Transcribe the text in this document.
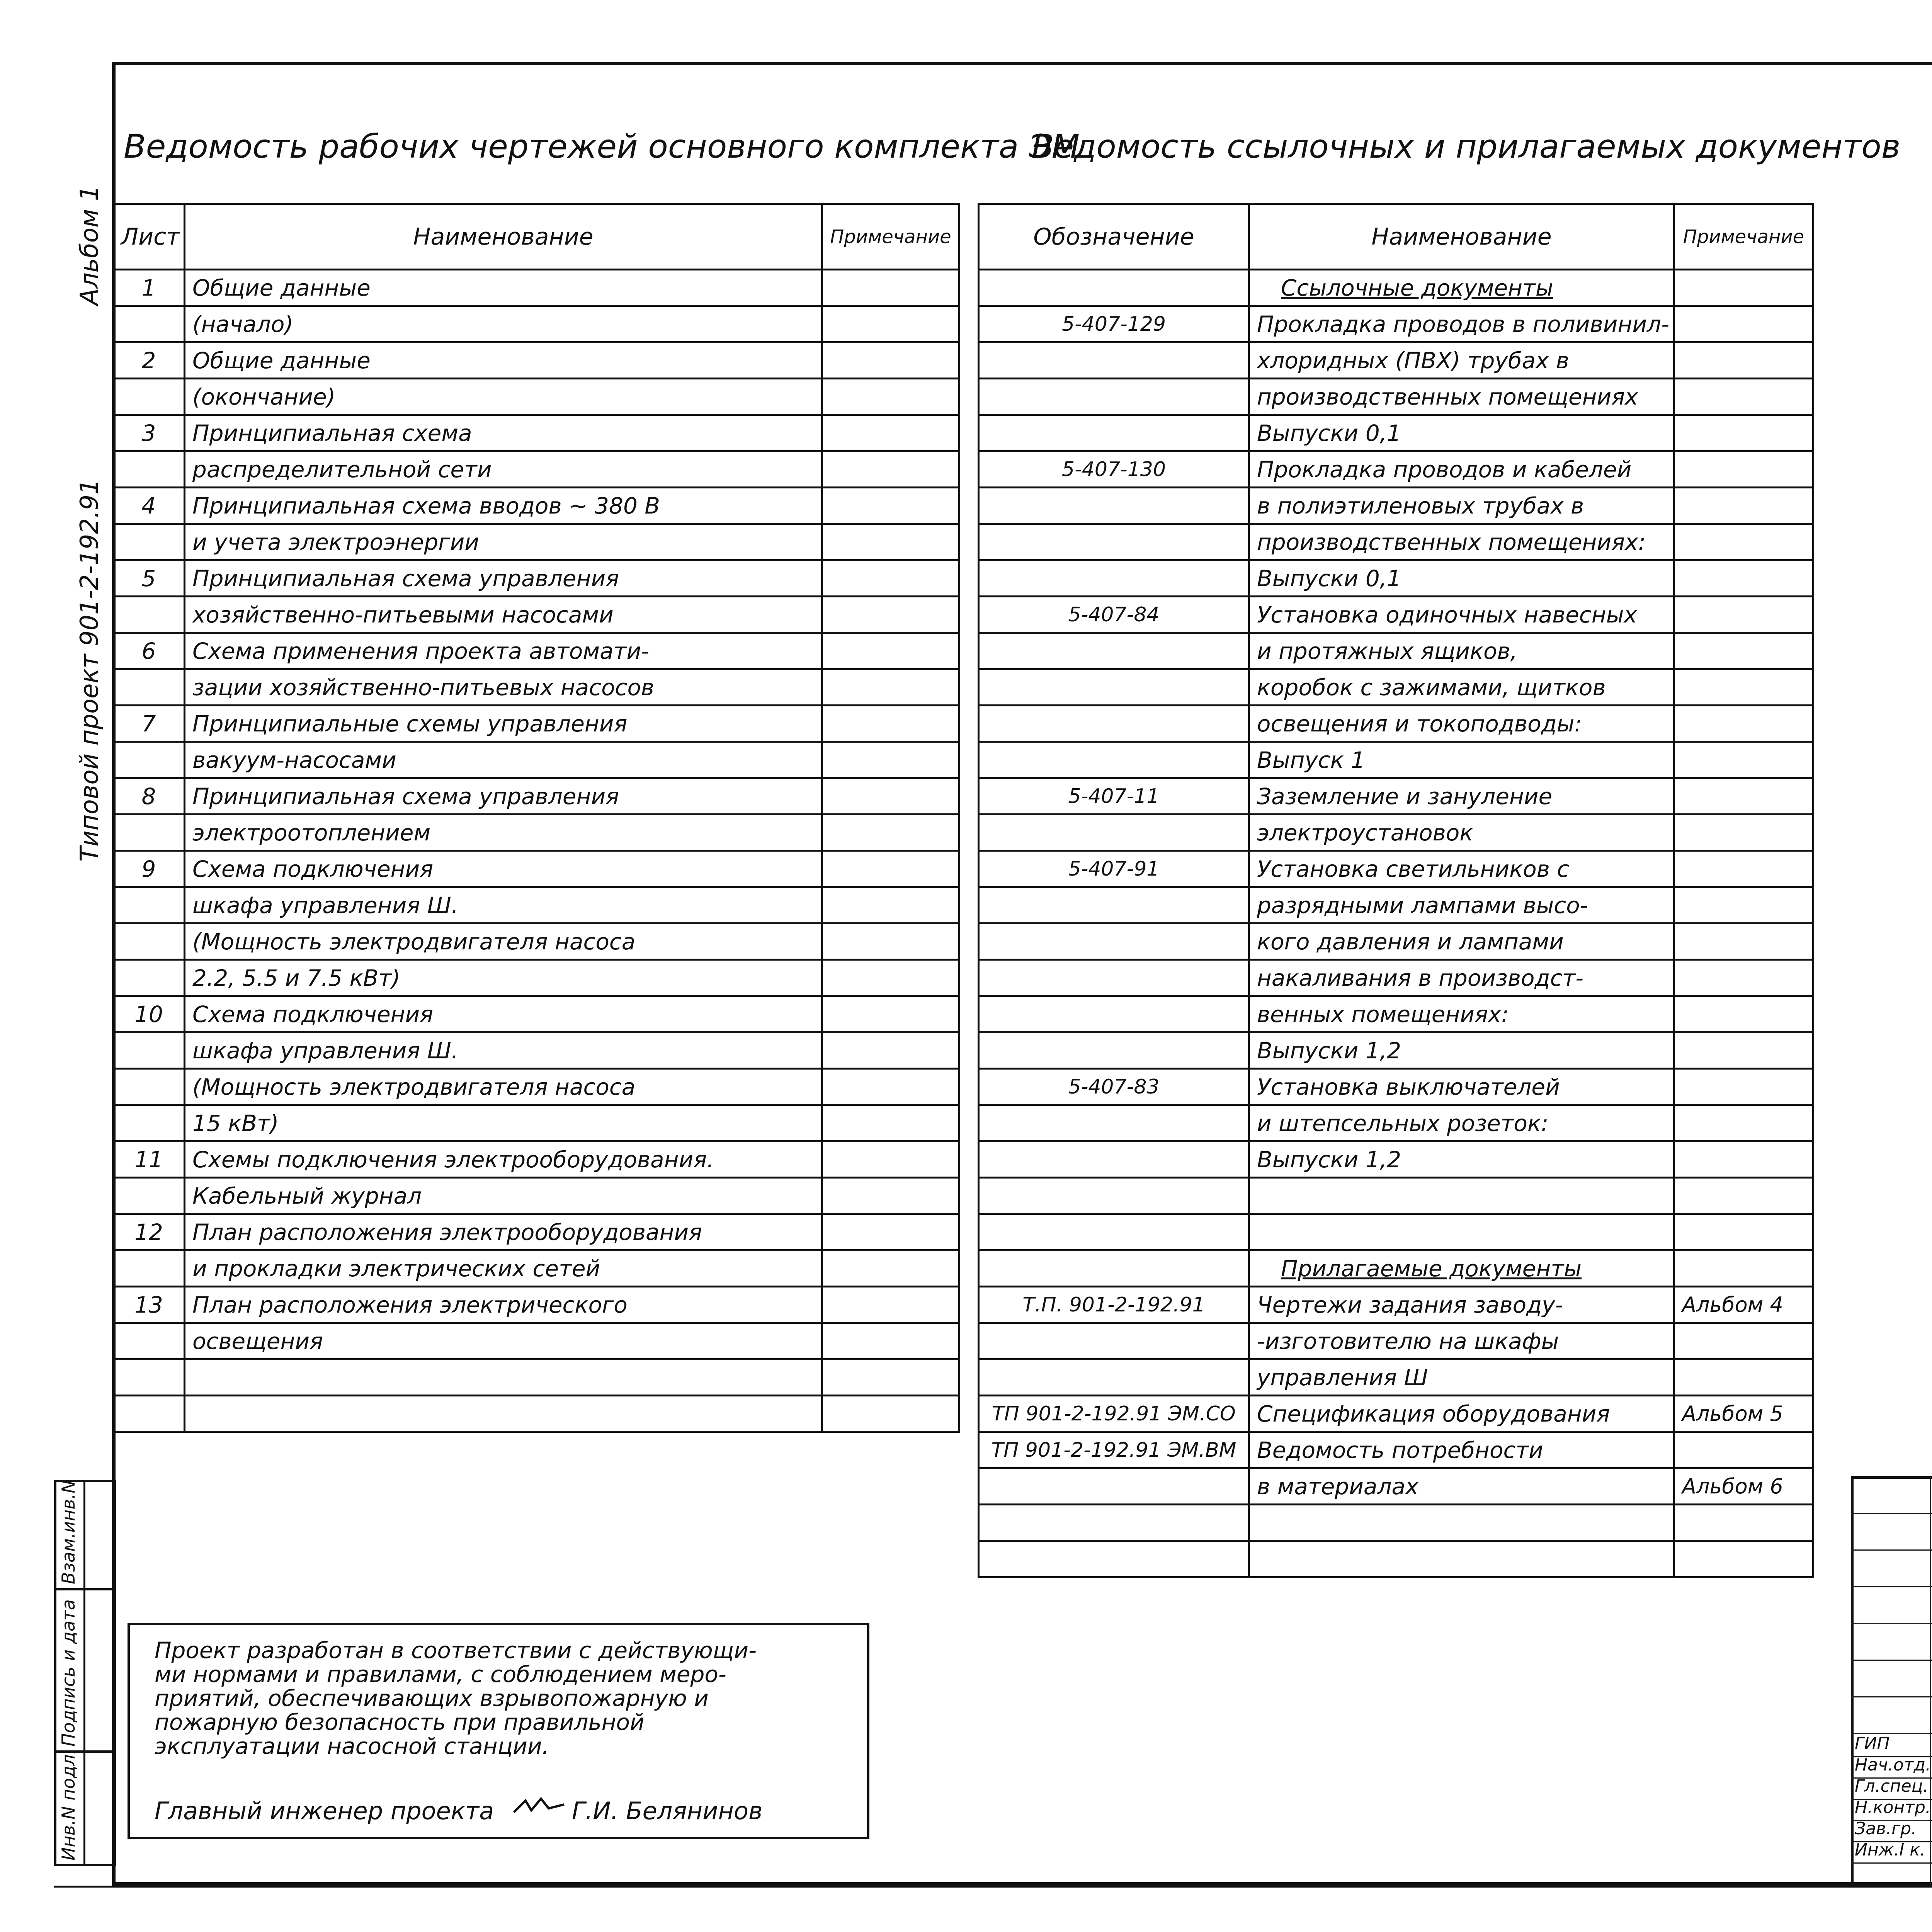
Альбом 1
Типовой проект 901-2-192.91
Взам.инв.N
Подпись и дата
Инв.N подл.
Ведомость рабочих чертежей основного комплекта ЭМ
Ведомость ссылочных и прилагаемых документов
Лист	Наименование	Примечание
1	Общие данные	
	(начало)	
2	Общие данные	
	(окончание)	
3	Принципиальная схема	
	распределительной сети	
4	Принципиальная схема вводов ~ 380 В	
	и учета электроэнергии	
5	Принципиальная схема управления	
	хозяйственно-питьевыми насосами	
6	Схема применения проекта автомати-	
	зации хозяйственно-питьевых насосов	
7	Принципиальные схемы управления	
	вакуум-насосами	
8	Принципиальная схема управления	
	электроотоплением	
9	Схема подключения	
	шкафа управления Ш.	
	(Мощность электродвигателя насоса	
	2.2, 5.5 и 7.5 кВт)	
10	Схема подключения	
	шкафа управления Ш.	
	(Мощность электродвигателя насоса	
	15 кВт)	
11	Схемы подключения электрооборудования.	
	Кабельный журнал	
12	План расположения электрооборудования	
	и прокладки электрических сетей	
13	План расположения электрического	
	освещения	

Обозначение	Наименование	Примечание
	Ссылочные документы	
5-407-129	Прокладка проводов в поливинил-	
	хлоридных (ПВХ) трубах в	
	производственных помещениях	
	Выпуски 0,1	
5-407-130	Прокладка проводов и кабелей	
	в полиэтиленовых трубах в	
	производственных помещениях:	
	Выпуски 0,1	
5-407-84	Установка одиночных навесных	
	и протяжных ящиков,	
	коробок с зажимами, щитков	
	освещения и токоподводы:	
	Выпуск 1	
5-407-11	Заземление и зануление	
	электроустановок	
5-407-91	Установка светильников с	
	разрядными лампами высо-	
	кого давления и лампами	
	накаливания в производст-	
	венных помещениях:	
	Выпуски 1,2	
5-407-83	Установка выключателей	
	и штепсельных розеток:	
	Выпуски 1,2	

	Прилагаемые документы	
Т.П. 901-2-192.91	Чертежи задания заводу-	Альбом 4
	-изготовителю на шкафы	
	управления Ш	
ТП 901-2-192.91 ЭМ.СО	Спецификация оборудования	Альбом 5
ТП 901-2-192.91 ЭМ.ВМ	Ведомость потребности	
	в материалах	Альбом 6

Проект разработан в соответствии с действующи-
ми нормами и правилами, с соблюдением меро-
приятий, обеспечивающих взрывопожарную и
пожарную безопасность при правильной
эксплуатации насосной станции.
Главный инженер проекта	Г.И. Белянинов
ГИП
Нач.отд.
Гл.спец.
Н.контр.
Зав.гр.
Инж.I к.
